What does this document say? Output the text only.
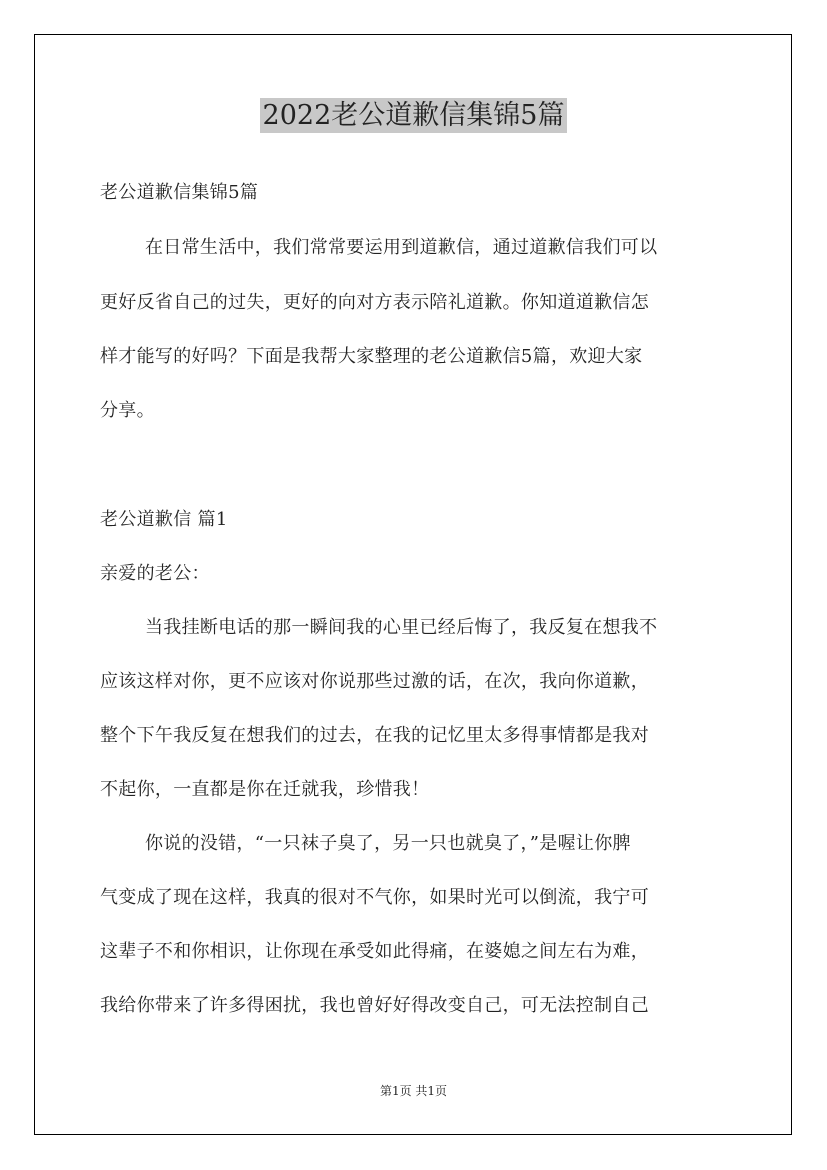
2022老公道歉信集锦5篇
老公道歉信集锦5篇
在日常生活中，我们常常要运用到道歉信，通过道歉信我们可以
更好反省自己的过失，更好的向对方表示陪礼道歉。你知道道歉信怎
样才能写的好吗？下面是我帮大家整理的老公道歉信5篇，欢迎大家
分享。
老公道歉信 篇1
亲爱的老公：
当我挂断电话的那一瞬间我的心里已经后悔了，我反复在想我不
应该这样对你，更不应该对你说那些过激的话，在次，我向你道歉，
整个下午我反复在想我们的过去，在我的记忆里太多得事情都是我对
不起你，一直都是你在迁就我，珍惜我！
你说的没错，“一只袜子臭了，另一只也就臭了，”是喔让你脾
气变成了现在这样，我真的很对不气你，如果时光可以倒流，我宁可
这辈子不和你相识，让你现在承受如此得痛，在婆媳之间左右为难，
我给你带来了许多得困扰，我也曾好好得改变自己，可无法控制自己
第1页 共1页
